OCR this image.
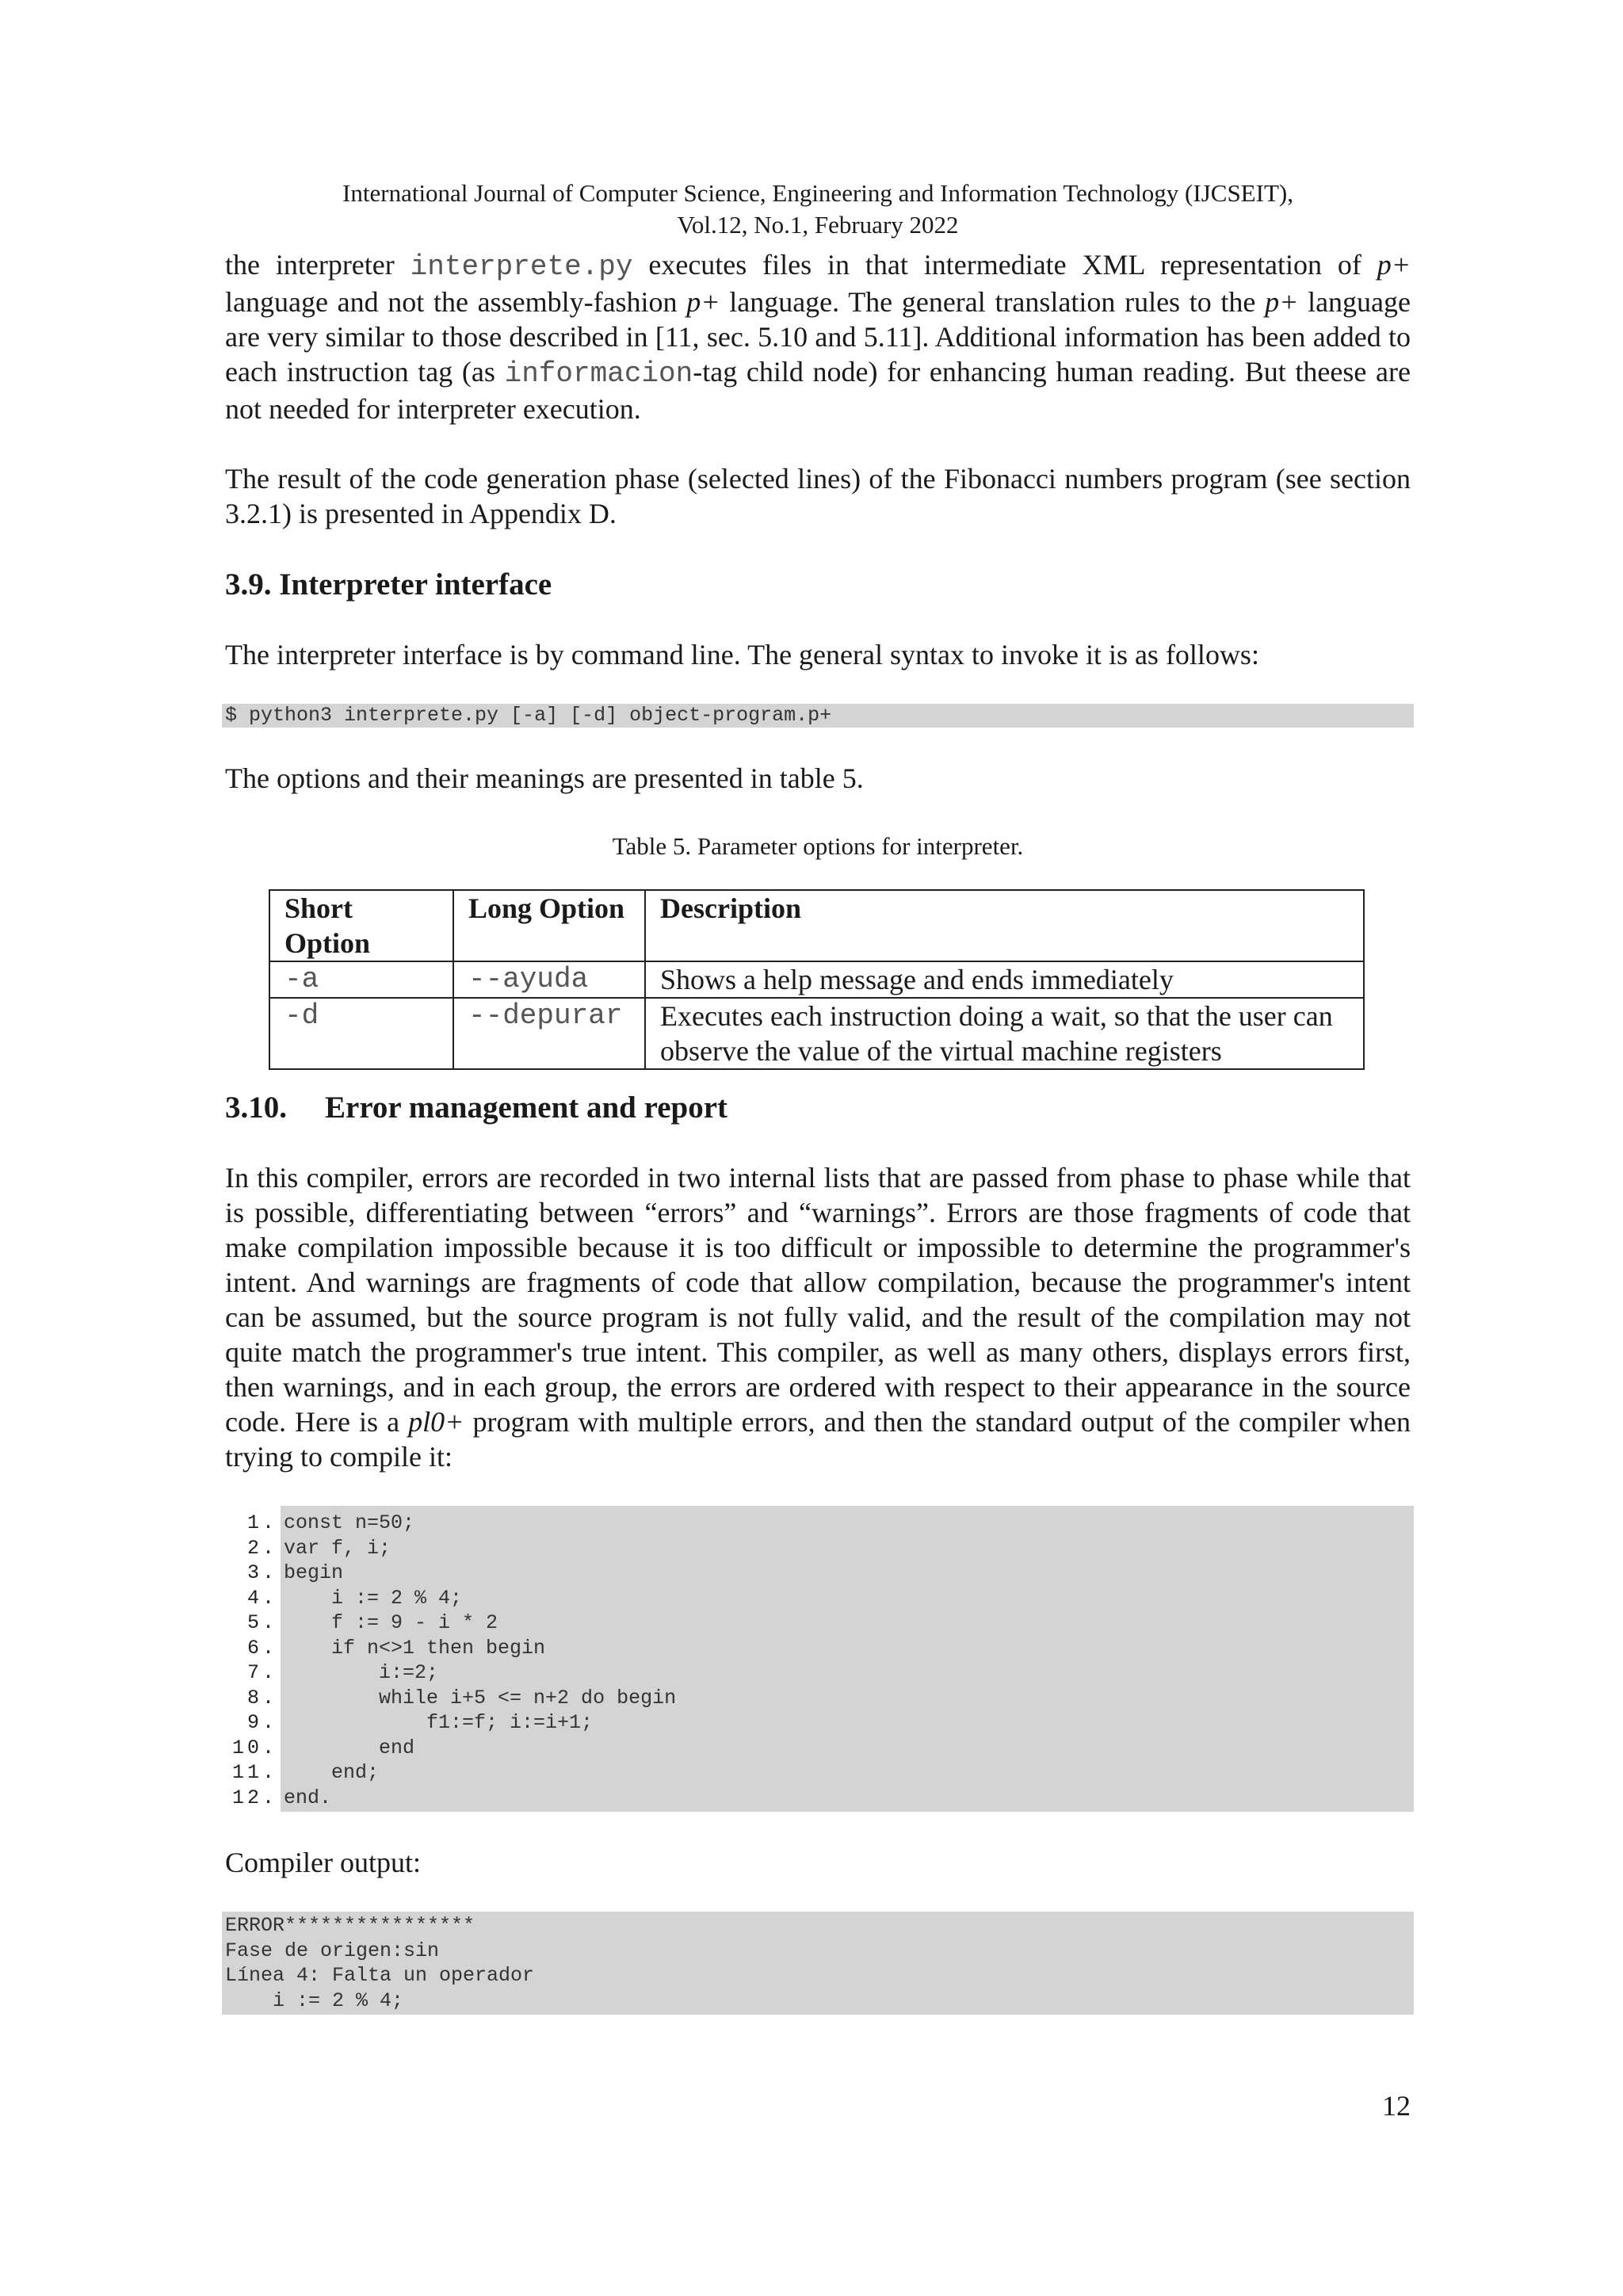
International Journal of Computer Science, Engineering and Information Technology (IJCSEIT),
Vol.12, No.1, February 2022

the interpreter interprete.py executes files in that intermediate XML representation of p+ language and not the assembly-fashion p+ language. The general translation rules to the p+ language are very similar to those described in [11, sec. 5.10 and 5.11]. Additional information has been added to each instruction tag (as informacion-tag child node) for enhancing human reading. But theese are not needed for interpreter execution.

The result of the code generation phase (selected lines) of the Fibonacci numbers program (see section 3.2.1) is presented in Appendix D.

3.9. Interpreter interface

The interpreter interface is by command line. The general syntax to invoke it is as follows:

$ python3 interprete.py [-a] [-d] object-program.p+

The options and their meanings are presented in table 5.

Table 5. Parameter options for interpreter.
Short Option	Long Option	Description
-a	--ayuda	Shows a help message and ends immediately
-d	--depurar	Executes each instruction doing a wait, so that the user can observe the value of the virtual machine registers
3.10. Error management and report

In this compiler, errors are recorded in two internal lists that are passed from phase to phase while that is possible, differentiating between “errors” and “warnings”. Errors are those fragments of code that make compilation impossible because it is too difficult or impossible to determine the programmer's intent. And warnings are fragments of code that allow compilation, because the programmer's intent can be assumed, but the source program is not fully valid, and the result of the compilation may not quite match the programmer's true intent. This compiler, as well as many others, displays errors first, then warnings, and in each group, the errors are ordered with respect to their appearance in the source code. Here is a pl0+ program with multiple errors, and then the standard output of the compiler when trying to compile it:

1. const n=50;
2. var f, i;
3. begin
4. i := 2 % 4;
5. f := 9 - i * 2
6. if n<>1 then begin
7. i:=2;
8. while i+5 <= n+2 do begin
9. f1:=f; i:=i+1;
10. end
11. end;
12. end.

Compiler output:

ERROR****************
Fase de origen:sin
Línea 4: Falta un operador
i := 2 % 4;
12
